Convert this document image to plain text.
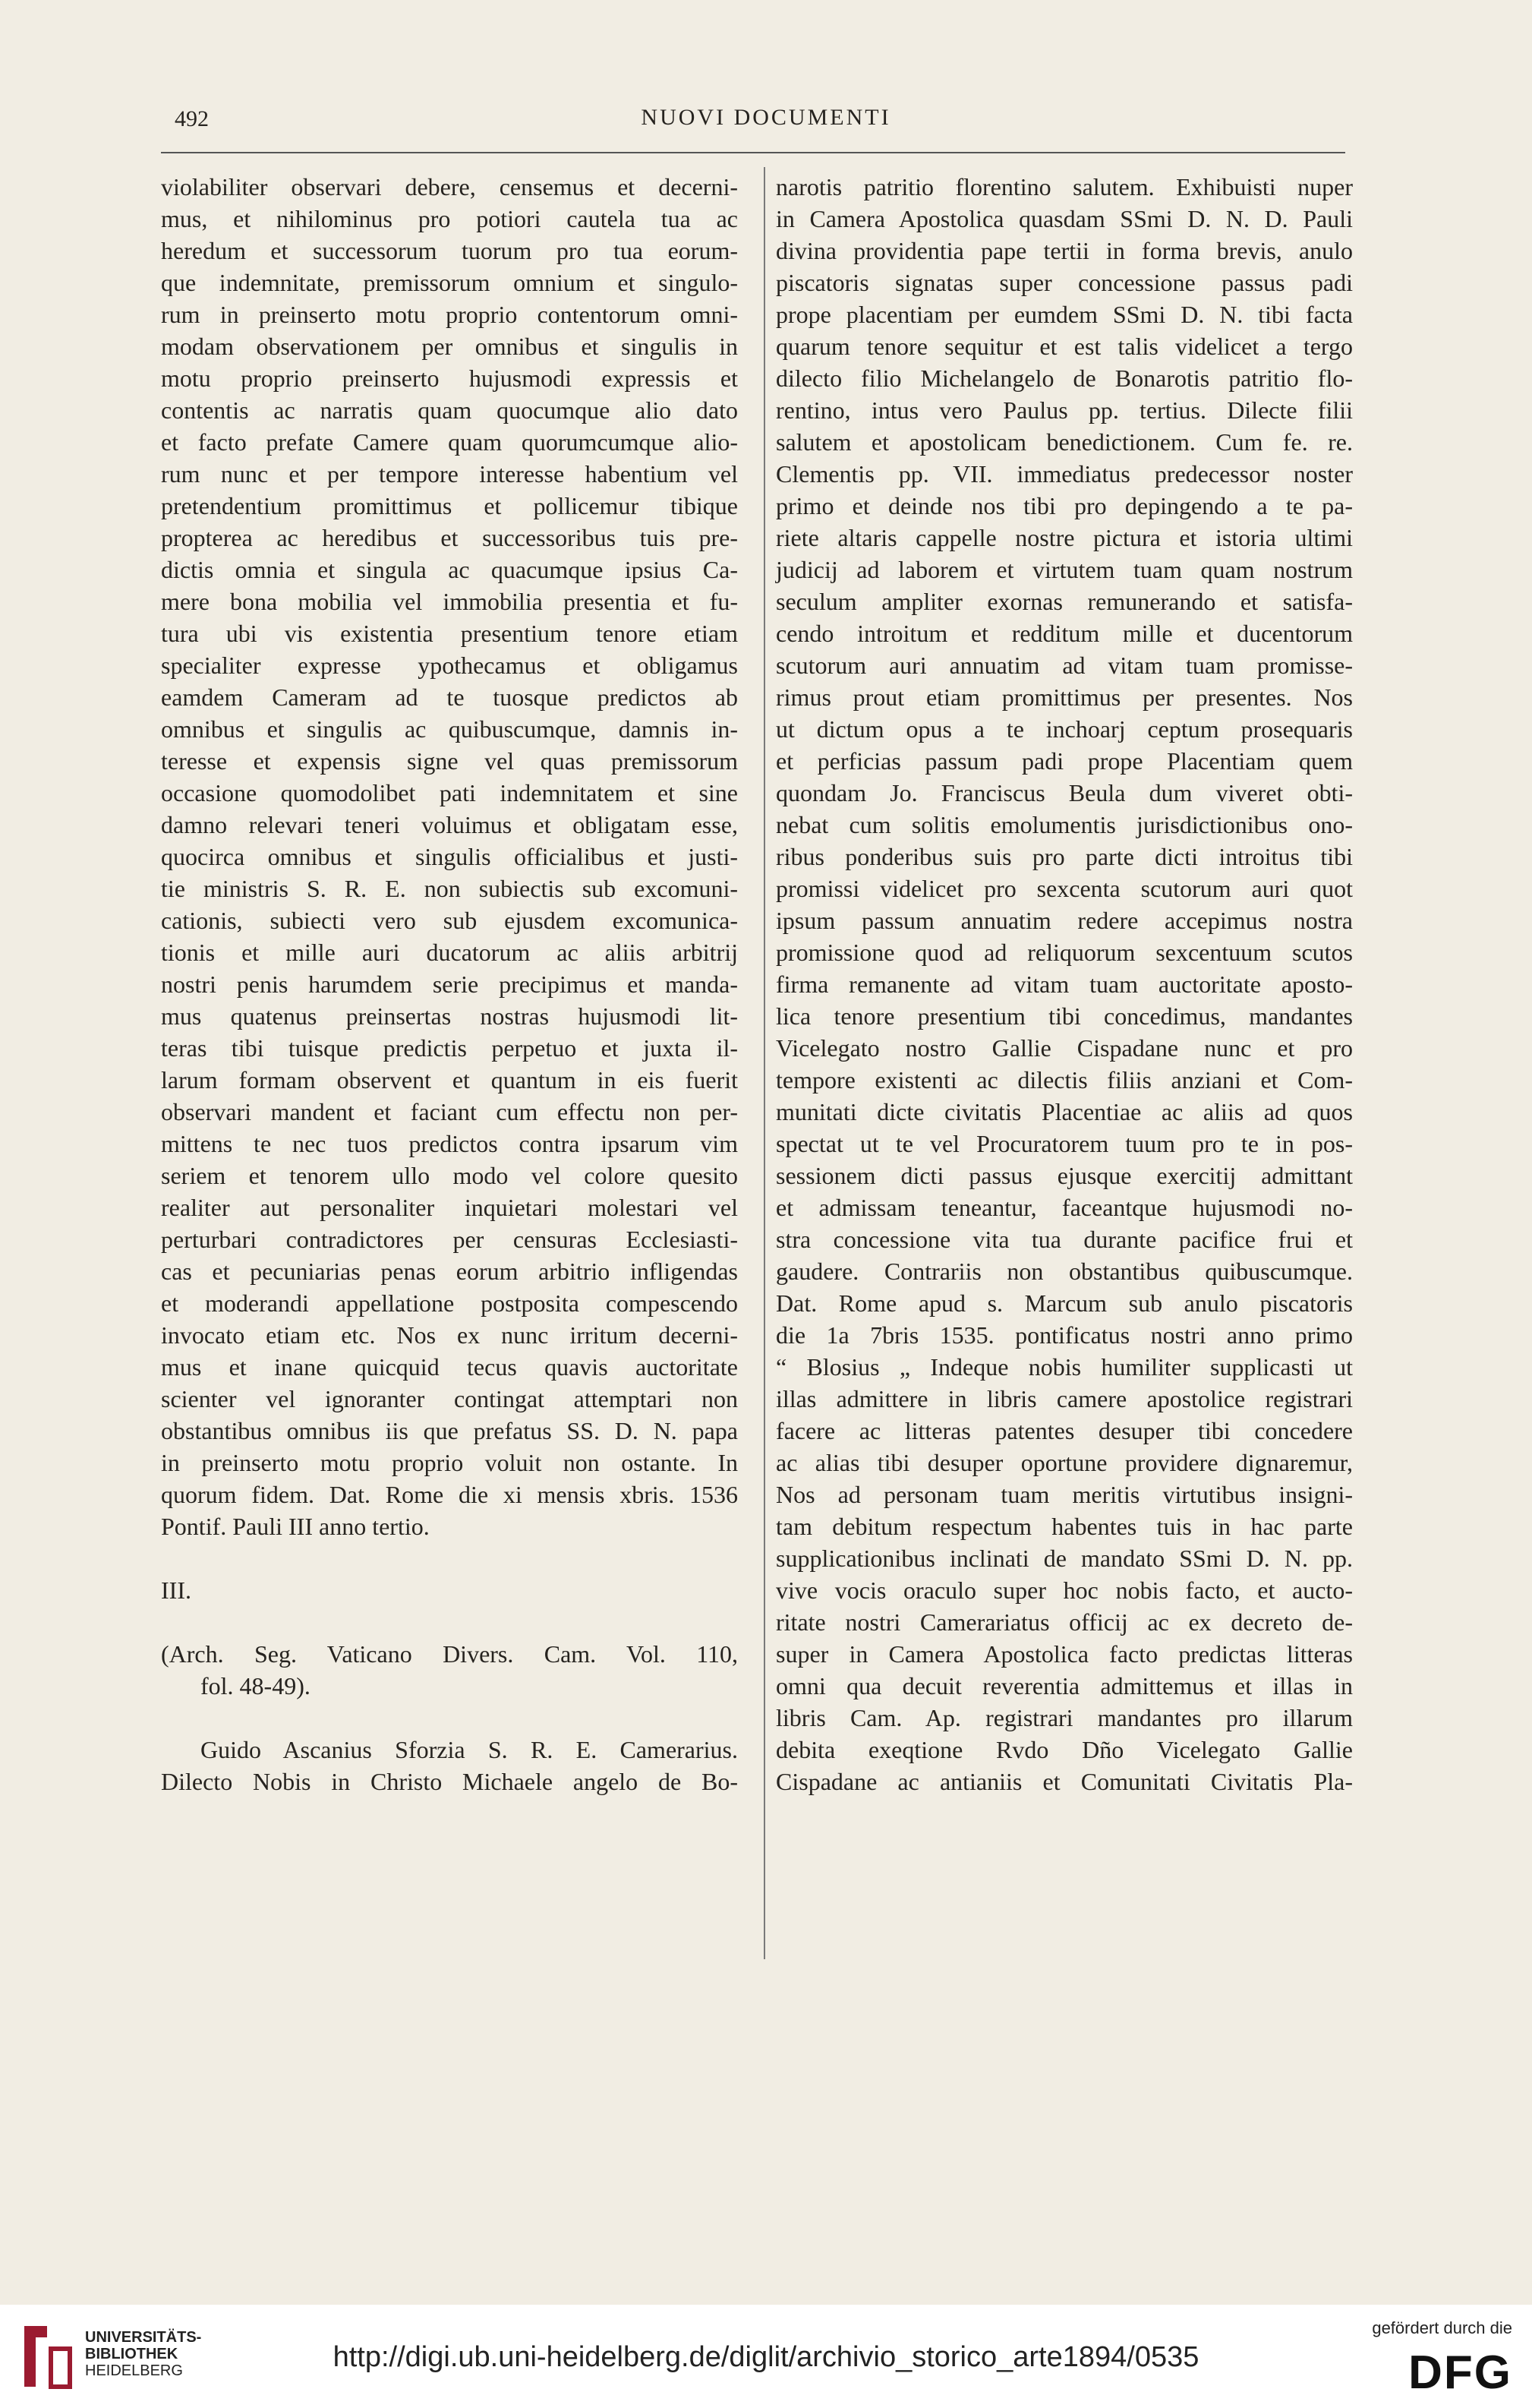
492	NUOVI DOCUMENTI
violabiliter observari debere, censemus et decerni-
mus, et nihilominus pro potiori cautela tua ac
heredum et successorum tuorum pro tua eorum-
que indemnitate, premissorum omnium et singulo-
rum in preinserto motu proprio contentorum omni-
modam observationem per omnibus et singulis in
motu proprio preinserto hujusmodi expressis et
contentis ac narratis quam quocumque alio dato
et facto prefate Camere quam quorumcumque alio-
rum nunc et per tempore interesse habentium vel
pretendentium promittimus et pollicemur tibique
propterea ac heredibus et successoribus tuis pre-
dictis omnia et singula ac quacumque ipsius Ca-
mere bona mobilia vel immobilia presentia et fu-
tura ubi vis existentia presentium tenore etiam
specialiter expresse ypothecamus et obligamus
eamdem Cameram ad te tuosque predictos ab
omnibus et singulis ac quibuscumque, damnis in-
teresse et expensis signe vel quas premissorum
occasione quomodolibet pati indemnitatem et sine
damno relevari teneri voluimus et obligatam esse,
quocirca omnibus et singulis officialibus et justi-
tie ministris S. R. E. non subiectis sub excomuni-
cationis, subiecti vero sub ejusdem excomunica-
tionis et mille auri ducatorum ac aliis arbitrij
nostri penis harumdem serie precipimus et manda-
mus quatenus preinsertas nostras hujusmodi lit-
teras tibi tuisque predictis perpetuo et juxta il-
larum formam observent et quantum in eis fuerit
observari mandent et faciant cum effectu non per-
mittens te nec tuos predictos contra ipsarum vim
seriem et tenorem ullo modo vel colore quesito
realiter aut personaliter inquietari molestari vel
perturbari contradictores per censuras Ecclesiasti-
cas et pecuniarias penas eorum arbitrio infligendas
et moderandi appellatione postposita compescendo
invocato etiam etc. Nos ex nunc irritum decerni-
mus et inane quicquid tecus quavis auctoritate
scienter vel ignoranter contingat attemptari non
obstantibus omnibus iis que prefatus SS. D. N. papa
in preinserto motu proprio voluit non ostante. In
quorum fidem. Dat. Rome die xi mensis xbris. 1536
Pontif. Pauli III anno tertio.
III.
(Arch. Seg. Vaticano Divers. Cam. Vol. 110,
fol. 48-49).
Guido Ascanius Sforzia S. R. E. Camerarius.
Dilecto Nobis in Christo Michaele angelo de Bo-
narotis patritio florentino salutem. Exhibuisti nuper
in Camera Apostolica quasdam SSmi D. N. D. Pauli
divina providentia pape tertii in forma brevis, anulo
piscatoris signatas super concessione passus padi
prope placentiam per eumdem SSmi D. N. tibi facta
quarum tenore sequitur et est talis videlicet a tergo
dilecto filio Michelangelo de Bonarotis patritio flo-
rentino, intus vero Paulus pp. tertius. Dilecte filii
salutem et apostolicam benedictionem. Cum fe. re.
Clementis pp. VII. immediatus predecessor noster
primo et deinde nos tibi pro depingendo a te pa-
riete altaris cappelle nostre pictura et istoria ultimi
judicij ad laborem et virtutem tuam quam nostrum
seculum ampliter exornas remunerando et satisfa-
cendo introitum et redditum mille et ducentorum
scutorum auri annuatim ad vitam tuam promisse-
rimus prout etiam promittimus per presentes. Nos
ut dictum opus a te inchoarj ceptum prosequaris
et perficias passum padi prope Placentiam quem
quondam Jo. Franciscus Beula dum viveret obti-
nebat cum solitis emolumentis jurisdictionibus ono-
ribus ponderibus suis pro parte dicti introitus tibi
promissi videlicet pro sexcenta scutorum auri quot
ipsum passum annuatim redere accepimus nostra
promissione quod ad reliquorum sexcentuum scutos
firma remanente ad vitam tuam auctoritate aposto-
lica tenore presentium tibi concedimus, mandantes
Vicelegato nostro Gallie Cispadane nunc et pro
tempore existenti ac dilectis filiis anziani et Com-
munitati dicte civitatis Placentiae ac aliis ad quos
spectat ut te vel Procuratorem tuum pro te in pos-
sessionem dicti passus ejusque exercitij admittant
et admissam teneantur, faceantque hujusmodi no-
stra concessione vita tua durante pacifice frui et
gaudere. Contrariis non obstantibus quibuscumque.
Dat. Rome apud s. Marcum sub anulo piscatoris
die 1a 7bris 1535. pontificatus nostri anno primo
“ Blosius „ Indeque nobis humiliter supplicasti ut
illas admittere in libris camere apostolice registrari
facere ac litteras patentes desuper tibi concedere
ac alias tibi desuper oportune providere dignaremur,
Nos ad personam tuam meritis virtutibus insigni-
tam debitum respectum habentes tuis in hac parte
supplicationibus inclinati de mandato SSmi D. N. pp.
vive vocis oraculo super hoc nobis facto, et aucto-
ritate nostri Camerariatus officij ac ex decreto de-
super in Camera Apostolica facto predictas litteras
omni qua decuit reverentia admittemus et illas in
libris Cam. Ap. registrari mandantes pro illarum
debita exeqtione Rvdo Dño Vicelegato Gallie
Cispadane ac antianiis et Comunitati Civitatis Pla-
UNIVERSITÄTS-
BIBLIOTHEK
HEIDELBERG	http://digi.ub.uni-heidelberg.de/diglit/archivio_storico_arte1894/0535
gefördert durch die
DFG
